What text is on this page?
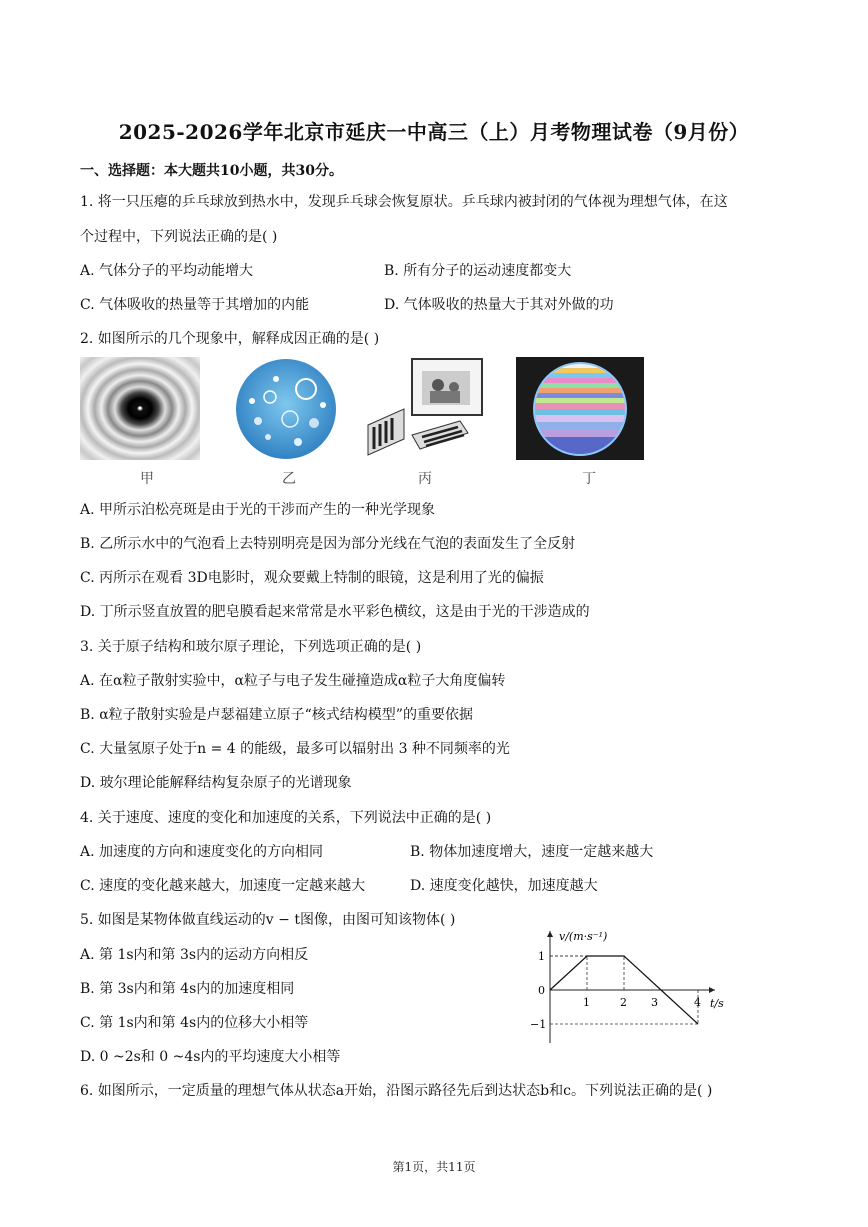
2025-2026学年北京市延庆一中高三（上）月考物理试卷（9月份）
一、选择题：本大题共10小题，共30分。
1. 将一只压瘪的乒乓球放到热水中，发现乒乓球会恢复原状。乒乓球内被封闭的气体视为理想气体，在这
个过程中，下列说法正确的是( )
A. 气体分子的平均动能增大	B. 所有分子的运动速度都变大
C. 气体吸收的热量等于其增加的内能	D. 气体吸收的热量大于其对外做的功
2. 如图所示的几个现象中，解释成因正确的是( )
甲	乙	丙	丁
A. 甲所示泊松亮斑是由于光的干涉而产生的一种光学现象
B. 乙所示水中的气泡看上去特别明亮是因为部分光线在气泡的表面发生了全反射
C. 丙所示在观看 3D电影时，观众要戴上特制的眼镜，这是利用了光的偏振
D. 丁所示竖直放置的肥皂膜看起来常常是水平彩色横纹，这是由于光的干涉造成的
3. 关于原子结构和玻尔原子理论，下列选项正确的是( )
A. 在α粒子散射实验中，α粒子与电子发生碰撞造成α粒子大角度偏转
B. α粒子散射实验是卢瑟福建立原子“核式结构模型”的重要依据
C. 大量氢原子处于n = 4 的能级，最多可以辐射出 3 种不同频率的光
D. 玻尔理论能解释结构复杂原子的光谱现象
4. 关于速度、速度的变化和加速度的关系，下列说法中正确的是( )
A. 加速度的方向和速度变化的方向相同	B. 物体加速度增大，速度一定越来越大
C. 速度的变化越来越大，加速度一定越来越大	D. 速度变化越快，加速度越大
5. 如图是某物体做直线运动的v − t图像，由图可知该物体( )
A. 第 1s内和第 3s内的运动方向相反
B. 第 3s内和第 4s内的加速度相同
C. 第 1s内和第 4s内的位移大小相等
D. 0 ~2s和 0 ~4s内的平均速度大小相等
v/(m·s⁻¹)
t/s
1	2 3	4
1
0
−1
6. 如图所示，一定质量的理想气体从状态a开始，沿图示路径先后到达状态b和c。下列说法正确的是( )
第1页，共11页
